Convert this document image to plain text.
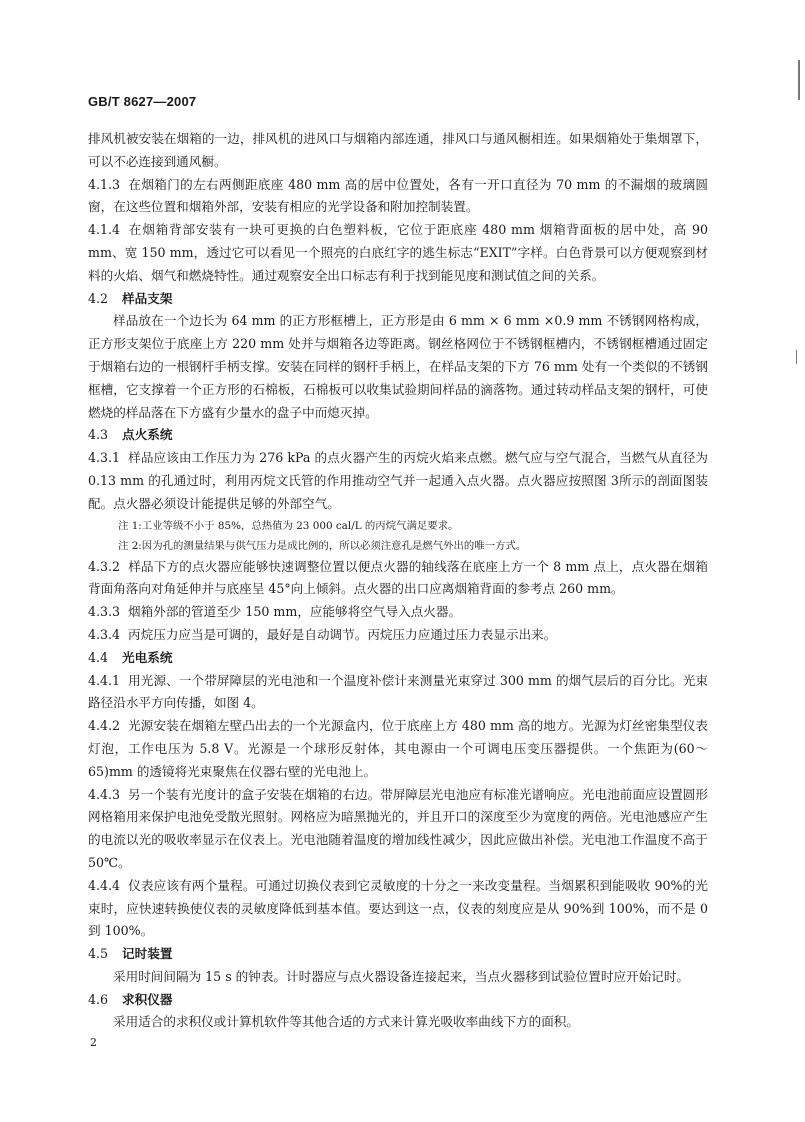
GB/T 8627—2007

排风机被安装在烟箱的一边，排风机的进风口与烟箱内部连通，排风口与通风橱相连。如果烟箱处于集烟罩下，可以不必连接到通风橱。

4.1.3 在烟箱门的左右两侧距底座 480 mm 高的居中位置处，各有一开口直径为 70 mm 的不漏烟的玻璃圆窗，在这些位置和烟箱外部，安装有相应的光学设备和附加控制装置。

4.1.4 在烟箱背部安装有一块可更换的白色塑料板，它位于距底座 480 mm 烟箱背面板的居中处，高 90 mm、宽 150 mm，透过它可以看见一个照亮的白底红字的逃生标志“EXIT”字样。白色背景可以方便观察到材料的火焰、烟气和燃烧特性。通过观察安全出口标志有利于找到能见度和测试值之间的关系。

4.2 样品支架

样品放在一个边长为 64 mm 的正方形框槽上，正方形是由 6 mm × 6 mm ×0.9 mm 不锈钢网格构成，正方形支架位于底座上方 220 mm 处并与烟箱各边等距离。钢丝格网位于不锈钢框槽内，不锈钢框槽通过固定于烟箱右边的一根钢杆手柄支撑。安装在同样的钢杆手柄上，在样品支架的下方 76 mm 处有一个类似的不锈钢框槽，它支撑着一个正方形的石棉板，石棉板可以收集试验期间样品的滴落物。通过转动样品支架的钢杆，可使燃烧的样品落在下方盛有少量水的盘子中而熄灭掉。

4.3 点火系统

4.3.1 样品应该由工作压力为 276 kPa 的点火器产生的丙烷火焰来点燃。燃气应与空气混合，当燃气从直径为 0.13 mm 的孔通过时，利用丙烷文氏管的作用推动空气并一起通入点火器。点火器应按照图 3所示的剖面图装配。点火器必须设计能提供足够的外部空气。

注 1:工业等级不小于 85%，总热值为 23 000 cal/L 的丙烷气满足要求。

注 2:因为孔的测量结果与供气压力是成比例的，所以必须注意孔是燃气外出的唯一方式。

4.3.2 样品下方的点火器应能够快速调整位置以便点火器的轴线落在底座上方一个 8 mm 点上，点火器在烟箱背面角落向对角延伸并与底座呈 45°向上倾斜。点火器的出口应离烟箱背面的参考点 260 mm。

4.3.3 烟箱外部的管道至少 150 mm，应能够将空气导入点火器。

4.3.4 丙烷压力应当是可调的，最好是自动调节。丙烷压力应通过压力表显示出来。

4.4 光电系统

4.4.1 用光源、一个带屏障层的光电池和一个温度补偿计来测量光束穿过 300 mm 的烟气层后的百分比。光束路径沿水平方向传播，如图 4。

4.4.2 光源安装在烟箱左壁凸出去的一个光源盒内，位于底座上方 480 mm 高的地方。光源为灯丝密集型仪表灯泡，工作电压为 5.8 V。光源是一个球形反射体，其电源由一个可调电压变压器提供。一个焦距为(60～65)mm 的透镜将光束聚焦在仪器右壁的光电池上。

4.4.3 另一个装有光度计的盒子安装在烟箱的右边。带屏障层光电池应有标准光谱响应。光电池前面应设置圆形网格箱用来保护电池免受散光照射。网格应为暗黑抛光的，并且开口的深度至少为宽度的两倍。光电池感应产生的电流以光的吸收率显示在仪表上。光电池随着温度的增加线性减少，因此应做出补偿。光电池工作温度不高于 50℃。

4.4.4 仪表应该有两个量程。可通过切换仪表到它灵敏度的十分之一来改变量程。当烟累积到能吸收 90%的光束时，应快速转换使仪表的灵敏度降低到基本值。要达到这一点，仪表的刻度应是从 90%到 100%，而不是 0 到 100%。

4.5 记时装置

采用时间间隔为 15 s 的钟表。计时器应与点火器设备连接起来，当点火器移到试验位置时应开始记时。

4.6 求积仪器

采用适合的求积仪或计算机软件等其他合适的方式来计算光吸收率曲线下方的面积。

2
